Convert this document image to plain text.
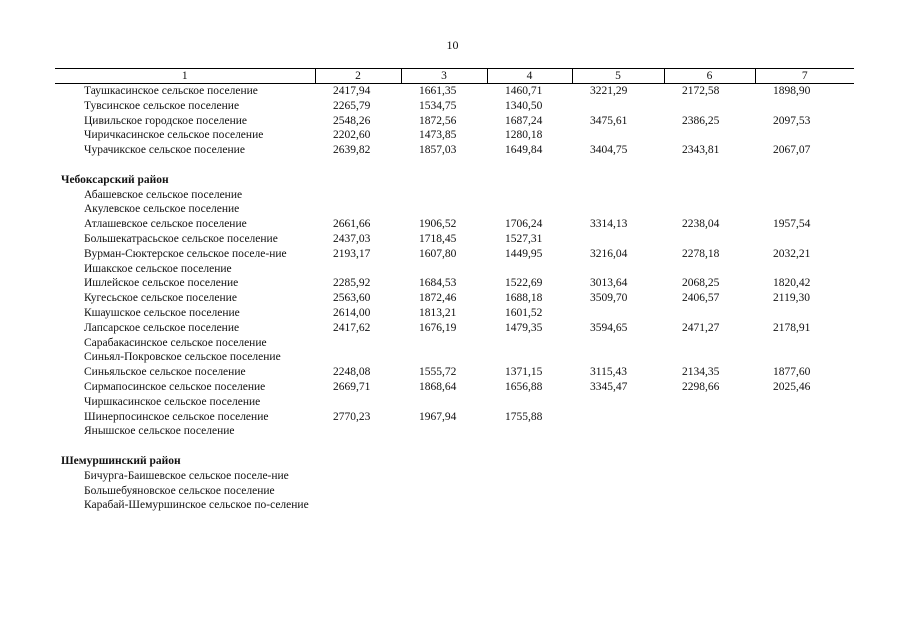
10
1	2	3	4	5	6	7
Таушкасинское сельское поселение	2417,94	1661,35	1460,71	3221,29	2172,58	1898,90
Тувсинское сельское поселение	2265,79	1534,75	1340,50			
Цивильское городское поселение	2548,26	1872,56	1687,24	3475,61	2386,25	2097,53
Чиричкасинское сельское поселение	2202,60	1473,85	1280,18			
Чурачикское сельское поселение	2639,82	1857,03	1649,84	3404,75	2343,81	2067,07

Чебоксарский район						
Абашевское сельское поселение						
Акулевское сельское поселение						
Атлашевское сельское поселение	2661,66	1906,52	1706,24	3314,13	2238,04	1957,54
Большекатрасьское сельское поселение	2437,03	1718,45	1527,31			
Вурман-Сюктерское сельское поселе-ние	2193,17	1607,80	1449,95	3216,04	2278,18	2032,21
Ишакское сельское поселение						
Ишлейское сельское поселение	2285,92	1684,53	1522,69	3013,64	2068,25	1820,42
Кугесьское сельское поселение	2563,60	1872,46	1688,18	3509,70	2406,57	2119,30
Кшаушское сельское поселение	2614,00	1813,21	1601,52			
Лапсарское сельское поселение	2417,62	1676,19	1479,35	3594,65	2471,27	2178,91
Сарабакасинское сельское поселение						
Синьял-Покровское сельское поселение						
Синьяльское сельское поселение	2248,08	1555,72	1371,15	3115,43	2134,35	1877,60
Сирмапосинское сельское поселение	2669,71	1868,64	1656,88	3345,47	2298,66	2025,46
Чиршкасинское сельское поселение						
Шинерпосинское сельское поселение	2770,23	1967,94	1755,88			
Янышское сельское поселение						

Шемуршинский район						
Бичурга-Баишевское сельское поселе-ние						
Большебуяновское сельское поселение						
Карабай-Шемуршинское сельское по-селение						
